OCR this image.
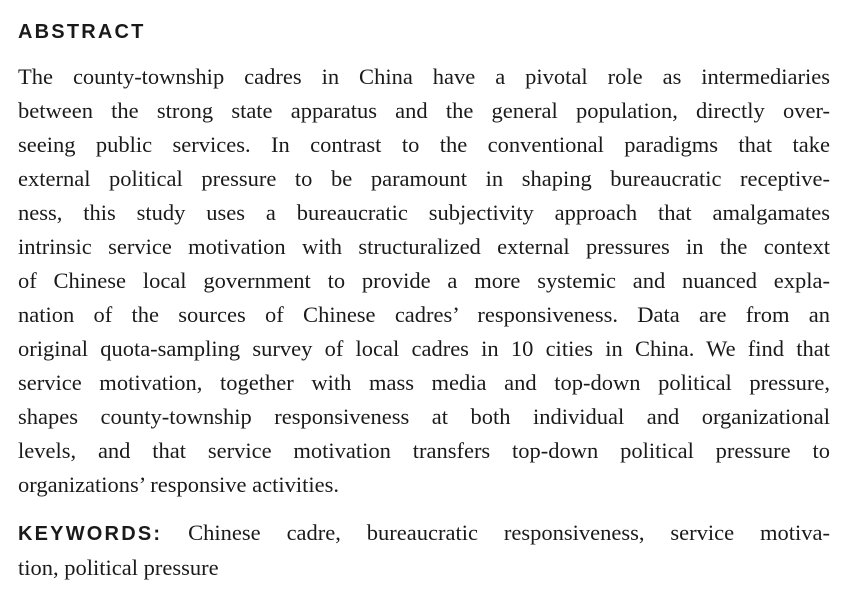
ABSTRACT

The county-township cadres in China have a pivotal role as intermediaries
between the strong state apparatus and the general population, directly over-
seeing public services. In contrast to the conventional paradigms that take
external political pressure to be paramount in shaping bureaucratic receptive-
ness, this study uses a bureaucratic subjectivity approach that amalgamates
intrinsic service motivation with structuralized external pressures in the context
of Chinese local government to provide a more systemic and nuanced expla-
nation of the sources of Chinese cadres’ responsiveness. Data are from an
original quota-sampling survey of local cadres in 10 cities in China. We find that
service motivation, together with mass media and top-down political pressure,
shapes county-township responsiveness at both individual and organizational
levels, and that service motivation transfers top-down political pressure to
organizations’ responsive activities.

KEYWORDS: Chinese cadre, bureaucratic responsiveness, service motiva-
tion, political pressure
